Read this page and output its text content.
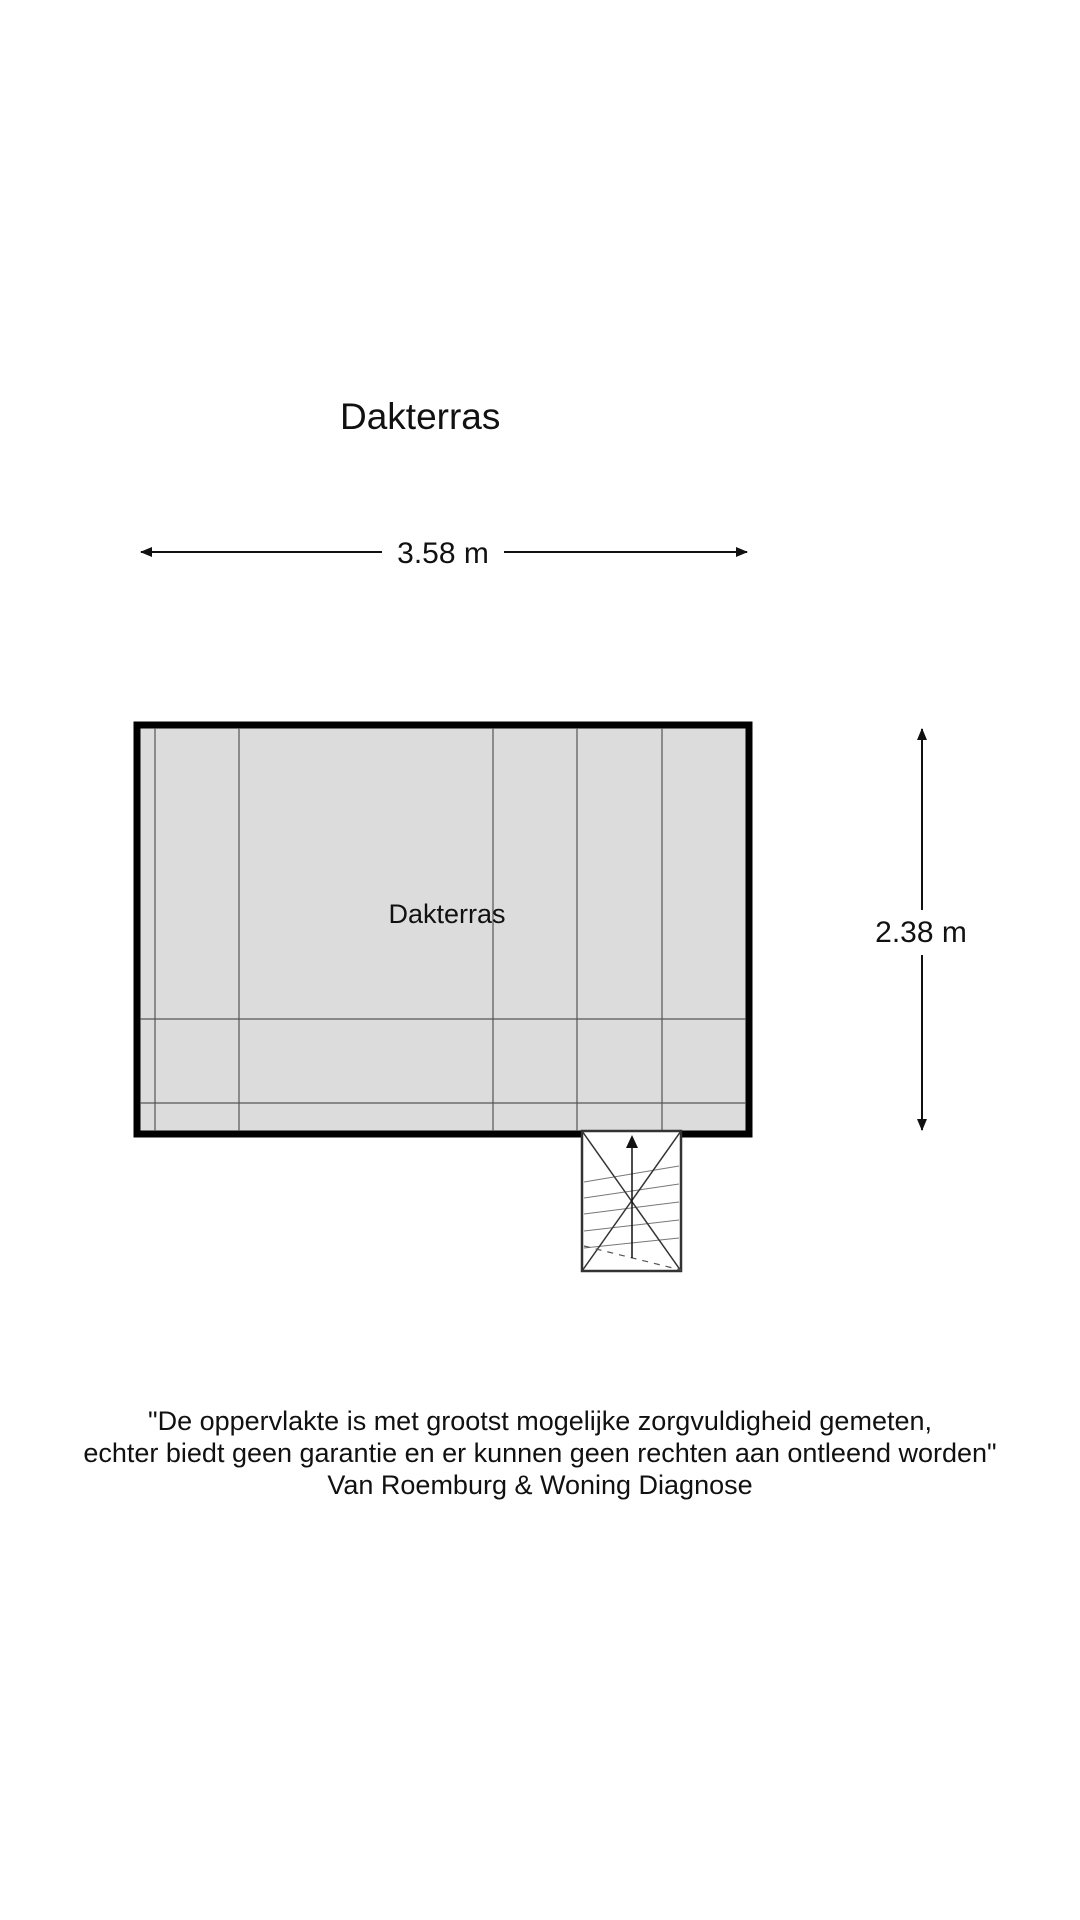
Dakterras
3.58 m
2.38 m
Dakterras
"De oppervlakte is met grootst mogelijke zorgvuldigheid gemeten,
echter biedt geen garantie en er kunnen geen rechten aan ontleend worden"
Van Roemburg & Woning Diagnose
